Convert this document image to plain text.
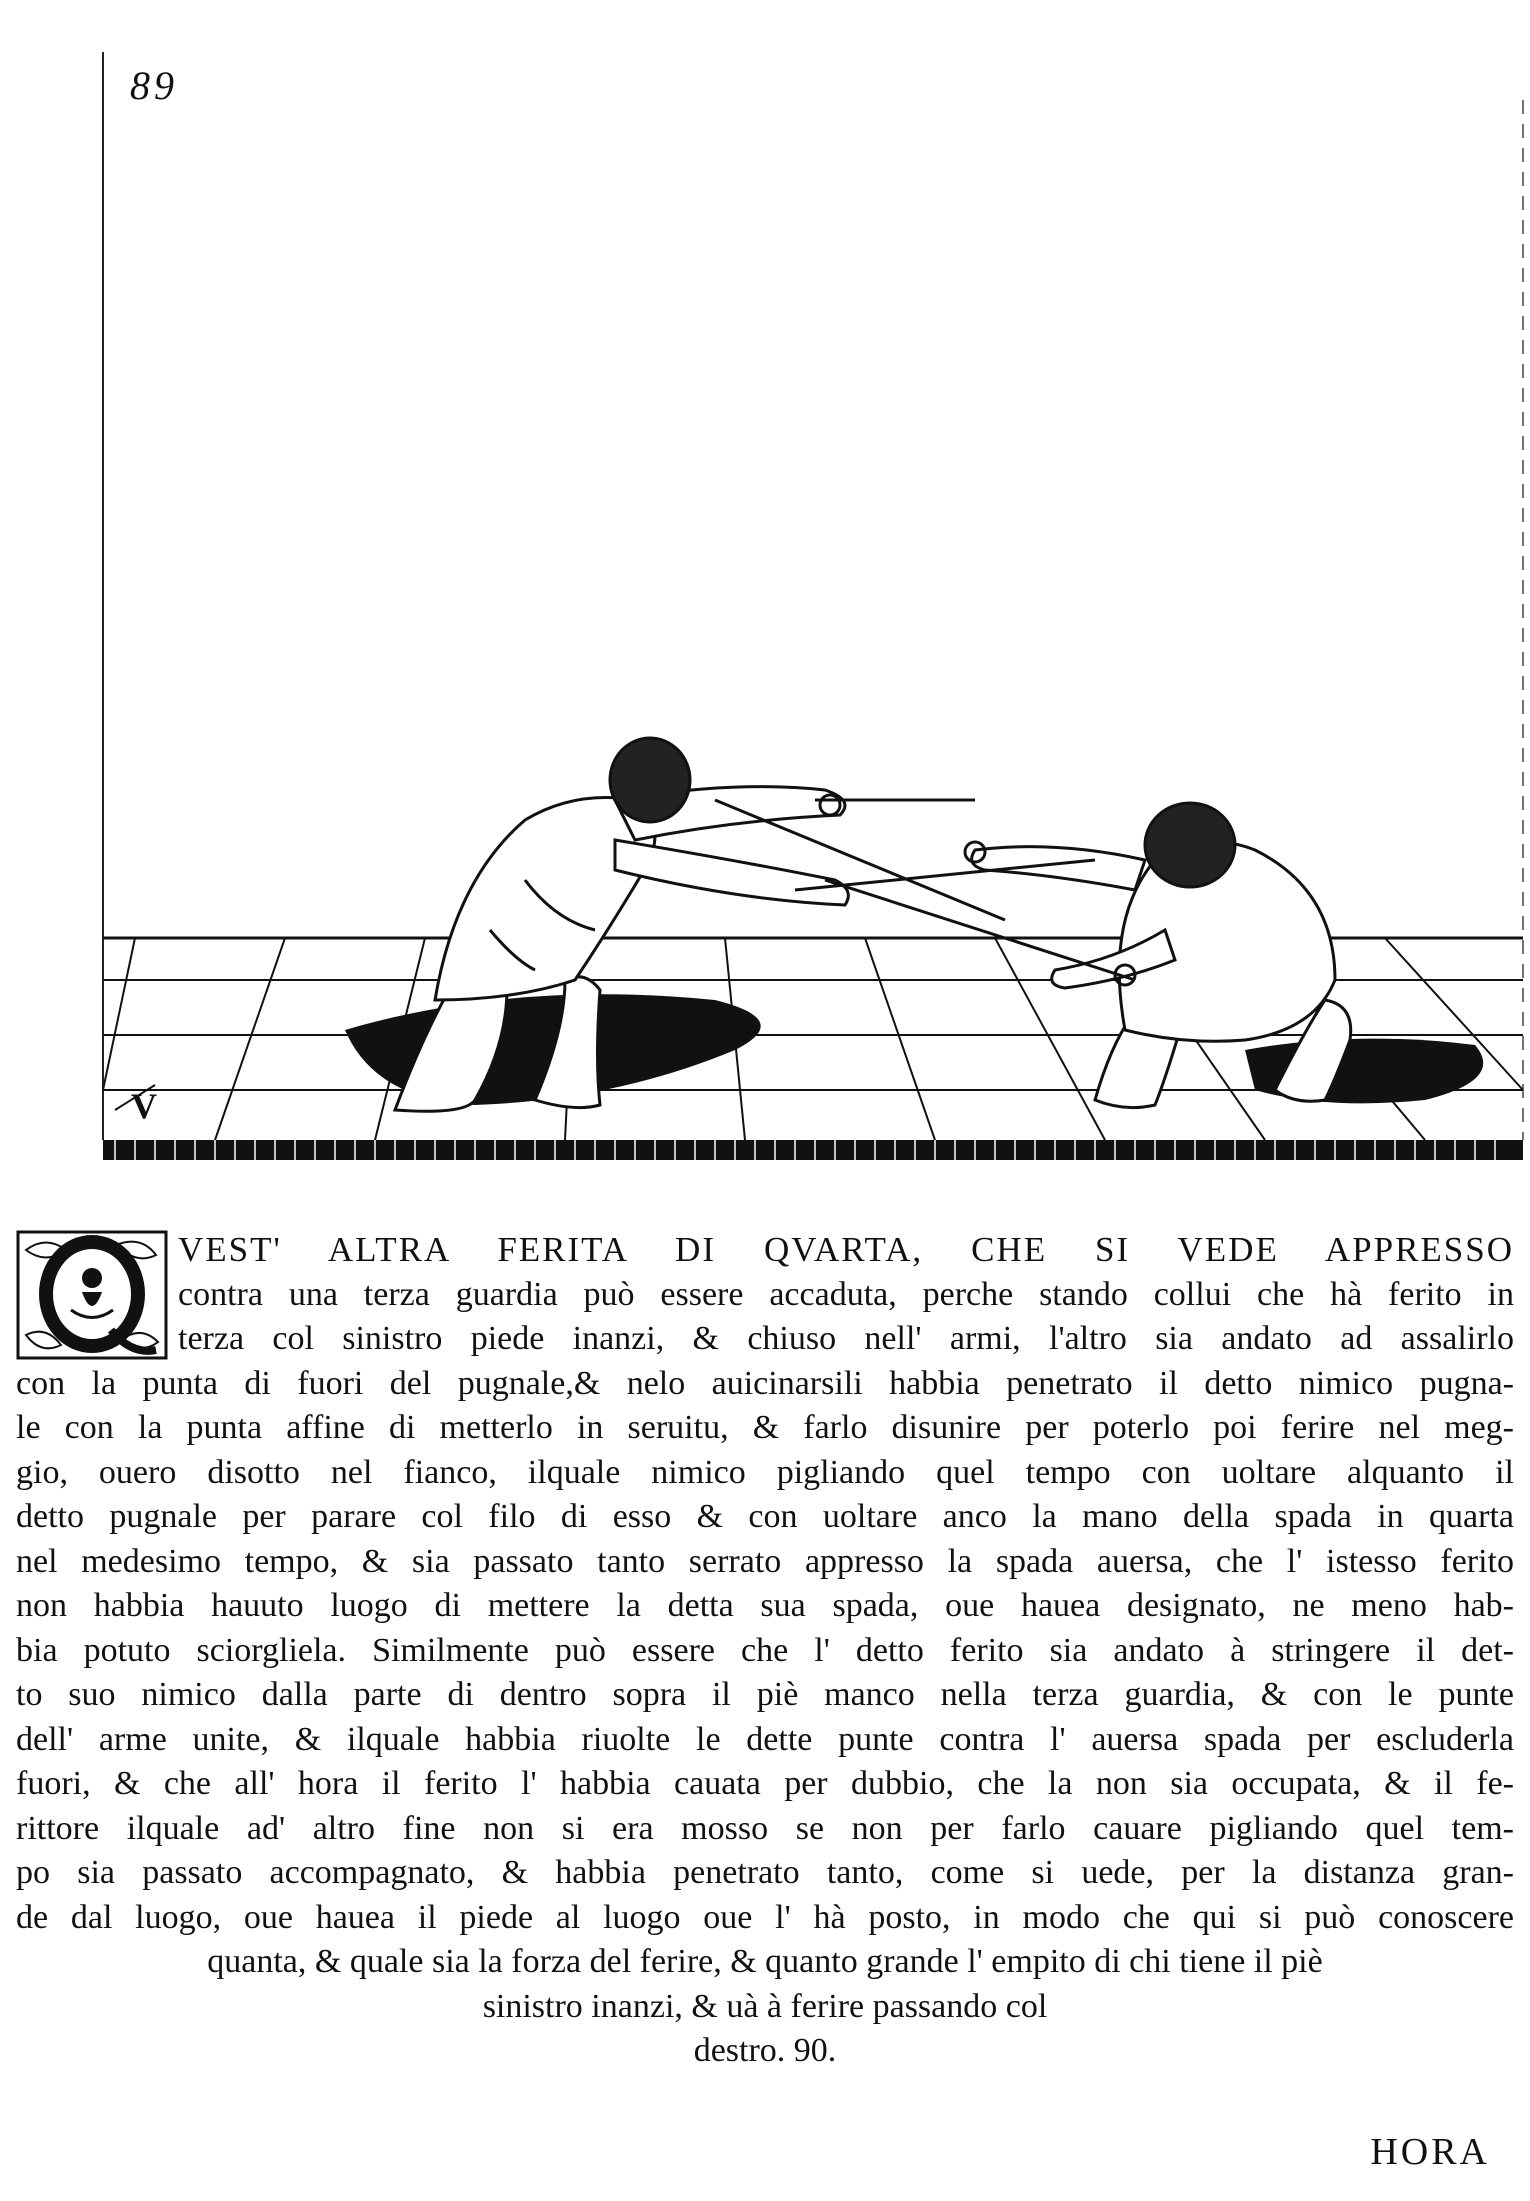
89
V
VEST' ALTRA FERITA DI QVARTA, CHE SI VEDE APPRESSO
contra una terza guardia può essere accaduta, perche stando collui che hà ferito in
terza col sinistro piede inanzi, & chiuso nell' armi, l'altro sia andato ad assalirlo
con la punta di fuori del pugnale,& nelo auicinarsili habbia penetrato il detto nimico pugna-
le con la punta affine di metterlo in seruitu, & farlo disunire per poterlo poi ferire nel meg-
gio, ouero disotto nel fianco, ilquale nimico pigliando quel tempo con uoltare alquanto il
detto pugnale per parare col filo di esso & con uoltare anco la mano della spada in quarta
nel medesimo tempo, & sia passato tanto serrato appresso la spada auersa, che l' istesso ferito
non habbia hauuto luogo di mettere la detta sua spada, oue hauea designato, ne meno hab-
bia potuto sciorgliela. Similmente può essere che l' detto ferito sia andato à stringere il det-
to suo nimico dalla parte di dentro sopra il piè manco nella terza guardia, & con le punte
dell' arme unite, & ilquale habbia riuolte le dette punte contra l' auersa spada per escluderla
fuori, & che all' hora il ferito l' habbia cauata per dubbio, che la non sia occupata, & il fe-
rittore ilquale ad' altro fine non si era mosso se non per farlo cauare pigliando quel tem-
po sia passato accompagnato, & habbia penetrato tanto, come si uede, per la distanza gran-
de dal luogo, oue hauea il piede al luogo oue l' hà posto, in modo che qui si può conoscere
quanta, & quale sia la forza del ferire, & quanto grande l' empito di chi tiene il piè
sinistro inanzi, & uà à ferire passando col
destro. 90.
HORA
